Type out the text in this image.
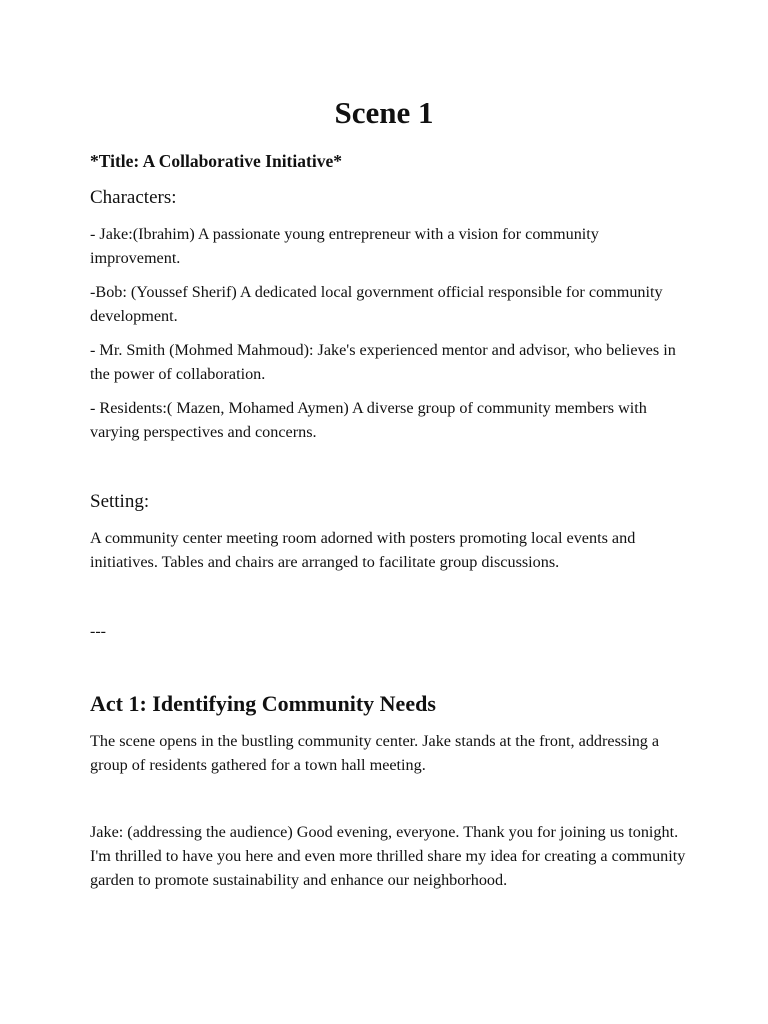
Scene 1

*Title: A Collaborative Initiative*

Characters:

- Jake:(Ibrahim) A passionate young entrepreneur with a vision for community improvement.

-Bob: (Youssef Sherif) A dedicated local government official responsible for community development.

- Mr. Smith (Mohmed Mahmoud): Jake's experienced mentor and advisor, who believes in the power of collaboration.

- Residents:( Mazen, Mohamed Aymen) A diverse group of community members with varying perspectives and concerns.

Setting:

A community center meeting room adorned with posters promoting local events and initiatives. Tables and chairs are arranged to facilitate group discussions.

---

Act 1: Identifying Community Needs

The scene opens in the bustling community center. Jake stands at the front, addressing a group of residents gathered for a town hall meeting.

Jake: (addressing the audience) Good evening, everyone. Thank you for joining us tonight. I'm thrilled to have you here and even more thrilled share my idea for creating a community garden to promote sustainability and enhance our neighborhood.
